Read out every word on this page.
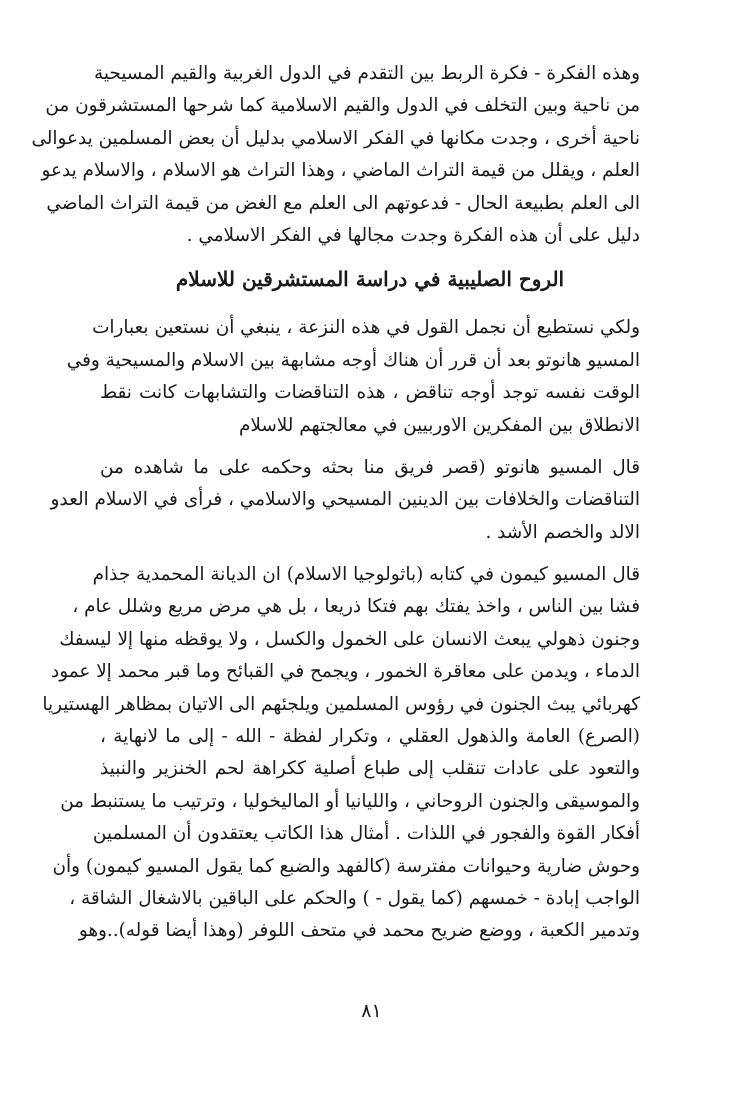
وهذه الفكرة - فكرة الربط بين التقدم في الدول الغربية والقيم المسيحية
من ناحية وبين التخلف في الدول والقيم الاسلامية كما شرحها المستشرقون من
ناحية أخرى ، وجدت مكانها في الفكر الاسلامي بدليل أن بعض المسلمين يدعوالى
العلم ، ويقلل من قيمة التراث الماضي ، وهذا التراث هو الاسلام ، والاسلام يدعو
الى العلم بطبيعة الحال - فدعوتهم الى العلم مع الغض من قيمة التراث الماضي
دليل على أن هذه الفكرة وجدت مجالها في الفكر الاسلامي .

الروح الصليبية في دراسة المستشرقين للاسلام

ولكي نستطيع أن نجمل القول في هذه النزعة ، ينبغي أن نستعين بعبارات
المسيو هانوتو بعد أن قرر أن هناك أوجه مشابهة بين الاسلام والمسيحية وفي
الوقت نفسه توجد أوجه تناقض ، هذه التناقضات والتشابهات كانت نقط
الانطلاق بين المفكرين الاوربيين في معالجتهم للاسلام

قال المسيو هانوتو (قصر فريق منا بحثه وحكمه على ما شاهده من
التناقضات والخلافات بين الدينين المسيحي والاسلامي ، فرأى في الاسلام العدو
الالد والخصم الأشد .

قال المسيو كيمون في كتابه (باثولوجيا الاسلام) ان الديانة المحمدية جذام
فشا بين الناس ، واخذ يفتك بهم فتكا ذريعا ، بل هي مرض مريع وشلل عام ،
وجنون ذهولي يبعث الانسان على الخمول والكسل ، ولا يوقظه منها إلا ليسفك
الدماء ، ويدمن على معاقرة الخمور ، ويجمح في القبائح وما قبر محمد إلا عمود
كهربائي يبث الجنون في رؤوس المسلمين ويلجئهم الى الاتيان بمظاهر الهستيريا
(الصرع) العامة والذهول العقلي ، وتكرار لفظة - الله - إلى ما لانهاية ،
والتعود على عادات تنقلب إلى طباع أصلية ككراهة لحم الخنزير والنبيذ
والموسيقى والجنون الروحاني ، والليانيا أو الماليخوليا ، وترتيب ما يستنبط من
أفكار القوة والفجور في اللذات . أمثال هذا الكاتب يعتقدون أن المسلمين
وحوش ضارية وحيوانات مفترسة (كالفهد والضبع كما يقول المسيو كيمون) وأن
الواجب إبادة - خمسهم (كما يقول - ) والحكم على الباقين بالاشغال الشاقة ،
وتدمير الكعبة ، ووضع ضريح محمد في متحف اللوفر (وهذا أيضا قوله)..وهو

٨١
